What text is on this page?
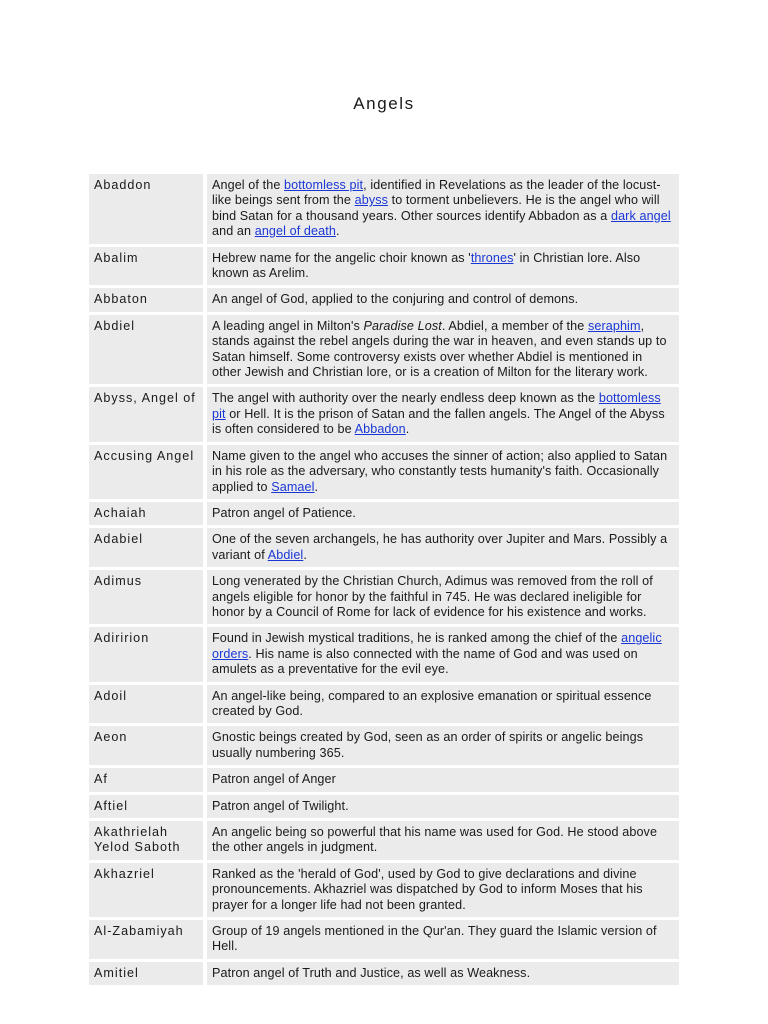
Angels
Abaddon	Angel of the bottomless pit, identified in Revelations as the leader of the locust-like beings sent from the abyss to torment unbelievers. He is the angel who will bind Satan for a thousand years. Other sources identify Abbadon as a dark angel and an angel of death.
Abalim	Hebrew name for the angelic choir known as 'thrones' in Christian lore. Also known as Arelim.
Abbaton	An angel of God, applied to the conjuring and control of demons.
Abdiel	A leading angel in Milton's Paradise Lost. Abdiel, a member of the seraphim, stands against the rebel angels during the war in heaven, and even stands up to Satan himself. Some controversy exists over whether Abdiel is mentioned in other Jewish and Christian lore, or is a creation of Milton for the literary work.
Abyss, Angel of	The angel with authority over the nearly endless deep known as the bottomless pit or Hell. It is the prison of Satan and the fallen angels. The Angel of the Abyss is often considered to be Abbadon.
Accusing Angel	Name given to the angel who accuses the sinner of action; also applied to Satan in his role as the adversary, who constantly tests humanity's faith. Occasionally applied to Samael.
Achaiah	Patron angel of Patience.
Adabiel	One of the seven archangels, he has authority over Jupiter and Mars. Possibly a variant of Abdiel.
Adimus	Long venerated by the Christian Church, Adimus was removed from the roll of angels eligible for honor by the faithful in 745. He was declared ineligible for honor by a Council of Rome for lack of evidence for his existence and works.
Adiririon	Found in Jewish mystical traditions, he is ranked among the chief of the angelic orders. His name is also connected with the name of God and was used on amulets as a preventative for the evil eye.
Adoil	An angel-like being, compared to an explosive emanation or spiritual essence created by God.
Aeon	Gnostic beings created by God, seen as an order of spirits or angelic beings usually numbering 365.
Af	Patron angel of Anger
Aftiel	Patron angel of Twilight.
Akathrielah Yelod Saboth	An angelic being so powerful that his name was used for God. He stood above the other angels in judgment.
Akhazriel	Ranked as the 'herald of God', used by God to give declarations and divine pronouncements. Akhazriel was dispatched by God to inform Moses that his prayer for a longer life had not been granted.
Al-Zabamiyah	Group of 19 angels mentioned in the Qur'an. They guard the Islamic version of Hell.
Amitiel	Patron angel of Truth and Justice, as well as Weakness.
